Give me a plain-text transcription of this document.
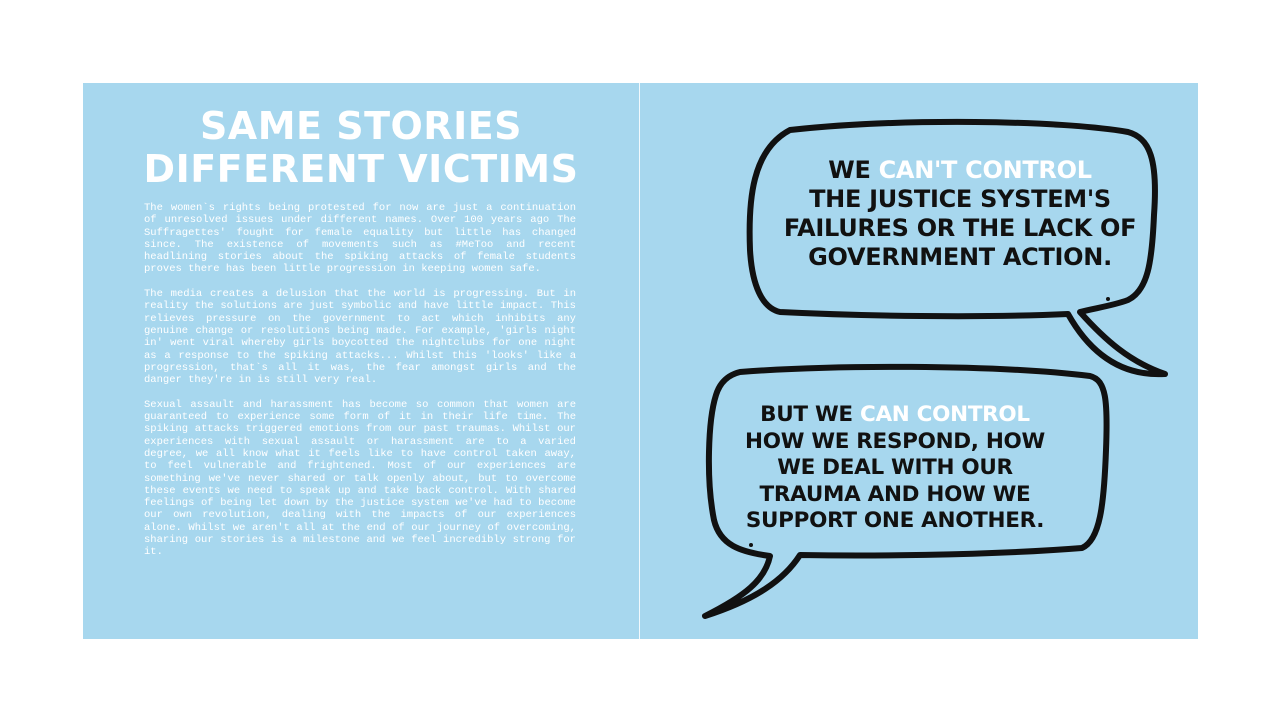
SAME STORIES
DIFFERENT VICTIMS

The women`s rights being protested for now are just a continuation of unresolved issues under different names. Over 100 years ago The Suffragettes' fought for female equality but little has changed since. The existence of movements such as #MeToo and recent headlining stories about the spiking attacks of female students proves there has been little progression in keeping women safe.

The media creates a delusion that the world is progressing. But in reality the solutions are just symbolic and have little impact. This relieves pressure on the government to act which inhibits any genuine change or resolutions being made. For example, 'girls night in' went viral whereby girls boycotted the nightclubs for one night as a response to the spiking attacks... Whilst this 'looks' like a progression, that`s all it was, the fear amongst girls and the danger they're in is still very real.

Sexual assault and harassment has become so common that women are guaranteed to experience some form of it in their life time. The spiking attacks triggered emotions from our past traumas. Whilst our experiences with sexual assault or harassment are to a varied degree, we all know what it feels like to have control taken away, to feel vulnerable and frightened. Most of our experiences are something we've never shared or talk openly about, but to overcome these events we need to speak up and take back control. With shared feelings of being let down by the justice system we've had to become our own revolution, dealing with the impacts of our experiences alone. Whilst we aren't all at the end of our journey of overcoming, sharing our stories is a milestone and we feel incredibly strong for it.

WE CAN'T CONTROL
THE JUSTICE SYSTEM'S
FAILURES OR THE LACK OF
GOVERNMENT ACTION.
BUT WE CAN CONTROL
HOW WE RESPOND, HOW
WE DEAL WITH OUR
TRAUMA AND HOW WE
SUPPORT ONE ANOTHER.
